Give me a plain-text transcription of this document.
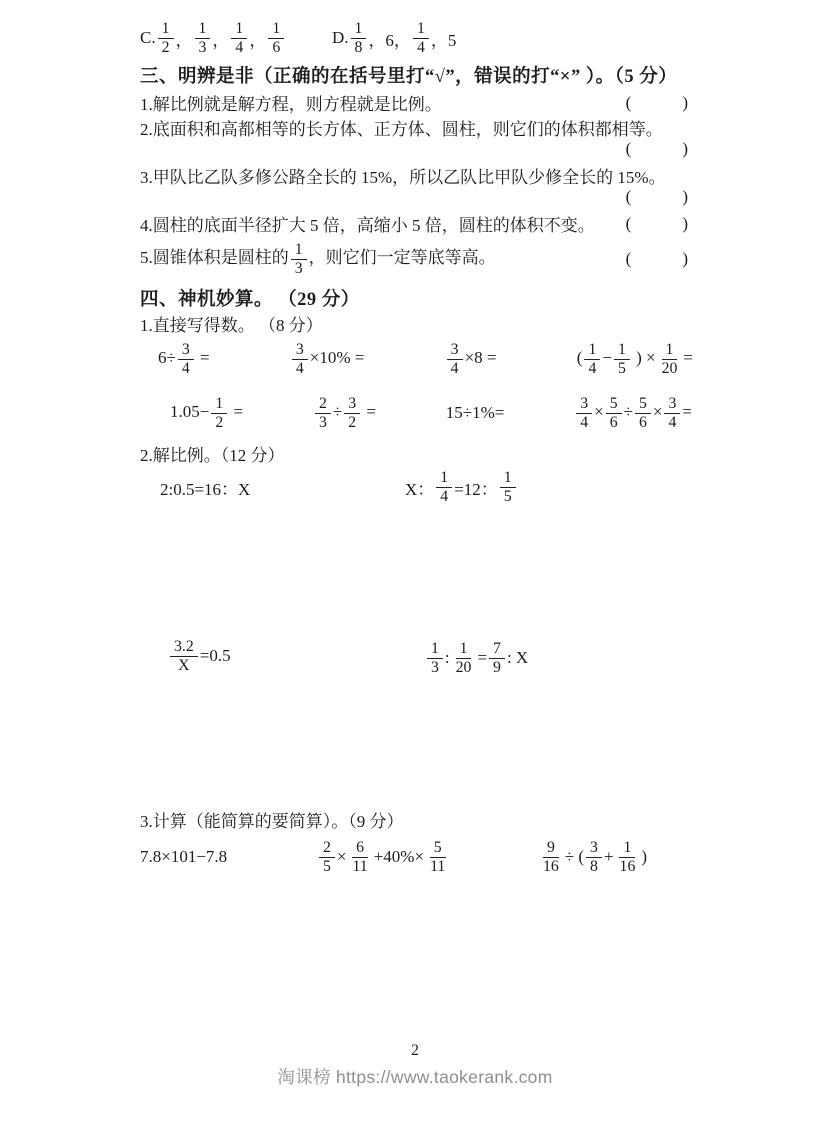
C. $\frac{1}{2}$ ， $\frac{1}{3}$ ， $\frac{1}{4}$ ， $\frac{1}{6}$	D. $\frac{1}{8}$ ，6， $\frac{1}{4}$ ，5
三、明辨是非（正确的在括号里打“√”，错误的打“×” ）。（5 分）
1.解比例就是解方程，则方程就是比例。	(            )
2.底面积和高都相等的长方体、正方体、圆柱，则它们的体积都相等。
(            )
3.甲队比乙队多修公路全长的 15%，所以乙队比甲队少修全长的 15%。
(            )
4.圆柱的底面半径扩大 5 倍，高缩小 5 倍，圆柱的体积不变。 (            )
5.圆锥体积是圆柱的 $\frac{1}{3}$ ，则它们一定等底等高。	(            )
四、神机妙算。 （29 分）
1.直接写得数。 （8 分）
$6\div \frac{3}{4}$ =	$\frac{3}{4} \times 10\%$ =	$\frac{3}{4} \times 8$ =	( $\frac{1}{4} - \frac{1}{5}$ ) × $\frac{1}{20}$ =
$1.05- \frac{1}{2}$ =	$\frac{2}{3} \div \frac{3}{2}$ =	15÷1%=	$\frac{3}{4} \times \frac{5}{6} \div \frac{5}{6} \times \frac{3}{4}$ =
2.解比例。（12 分）
2:0.5=16：X	X： $\frac{1}{4} =12$： $\frac{1}{5}$
$\frac{3.2}{X} =0.5$	$\frac{1}{3}$ : $\frac{1}{20} = \frac{7}{9}$ : X
3.计算（能简算的要简算）。（9 分）
7.8×101−7.8	$\frac{2}{5} \times \frac{6}{11} +40\%\times \frac{5}{11}$	$\frac{9}{16}$ ÷ ( $\frac{3}{8} + \frac{1}{16}$ )
2
淘课榜 https://www.taokerank.com
